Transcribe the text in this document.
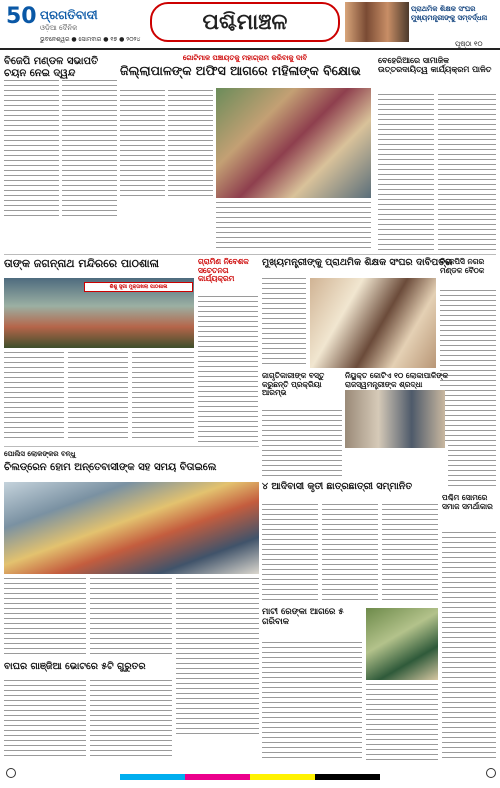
50 ପ୍ରଗତିବାଦୀ
ଓଡ଼ିଆ ଦୈନିକ
ଭୁବନେଶ୍ୱର ● ସୋମବାର ● ୧୭ ● ୨୦୨୪
ପଶ୍ଚିମାଞ୍ଚଳ
ପ୍ରାଥମିକ ଶିକ୍ଷକ ସଂଘର ମୁଖ୍ୟମନ୍ତ୍ରୀଙ୍କୁ ସମ୍ବର୍ଦ୍ଧନା
ପୃଷ୍ଠା ୧୦
ବିଜେପି ମଣ୍ଡଳ ସଭାପତି ଚୟନ ନେଇ ଦ୍ୱନ୍ଦ
ଗୋଟିମାଳ ପଞ୍ଚାୟତକୁ ମହାଗ୍ରାମ କରିବାକୁ ଦାବି
ଜିଲ୍ଲାପାଳଙ୍କ ଅଫିସ ଆଗରେ ମହିଳାଙ୍କ ବିକ୍ଷୋଭ
ବେହେରିଆରେ ସାମାଜିକ ଉତ୍ତରଦାୟିତ୍ୱ କାର୍ଯ୍ୟକ୍ରମ ପାଳିତ
ତାଙ୍କ ଜଗନ୍ନାଥ ମନ୍ଦିରରେ ପାଠଶାଳା
ଶିଶୁ ସ୍ତ୍ରୀ ମୁକ୍ତାଖଲା ପାଠଶାଳା
ଗ୍ରାମିଣ ନିବେଶକ ସଚେତନତା କାର୍ଯ୍ୟକ୍ରମ
ମୁଖ୍ୟମନ୍ତ୍ରୀଙ୍କୁ ପ୍ରାଥମିକ ଶିକ୍ଷକ ସଂଘର ଦାବିପତ୍ର
ବିକେପିସି ନଗର ମଣ୍ଡଳ ବୈଠକ
ଜାଗୃତିକାରୀଙ୍କ ବସ୍ତୁ କରୁଛନ୍ତି ପ୍ରକ୍ରିୟା ଆରମ୍ଭ
ନିୟୁକ୍ତ କୋଟିଏ ୧୦ ଲୋକାପାଳିଙ୍କ ରାଜସ୍ୱମନ୍ତ୍ରୀଙ୍କ ଶ୍ରଦ୍ଧା
ପୋଲିସ ଲୋକଙ୍କର ବନ୍ଧୁ
ଚିଲଡ୍ରେନ ହୋମ ଅନ୍ତେବାସୀଙ୍କ ସହ ସମୟ ବିତାଇଲେ
୪ ଆଦିବାସୀ କୃତୀ ଛାତ୍ରଛାତ୍ରୀ ସମ୍ମାନିତ
ପଶ୍ଚିମ ସୋମରେ ସମାଜ ସମର୍ଥାକାର
ବାଘର ଗାଞ୍ଜିଆ ଭୋଟରେ ୫ଟି ଗୁରୁତର
ମାଟୀ ରେଙ୍କା ଆଗରେ ୫ ଗରିବାକ
